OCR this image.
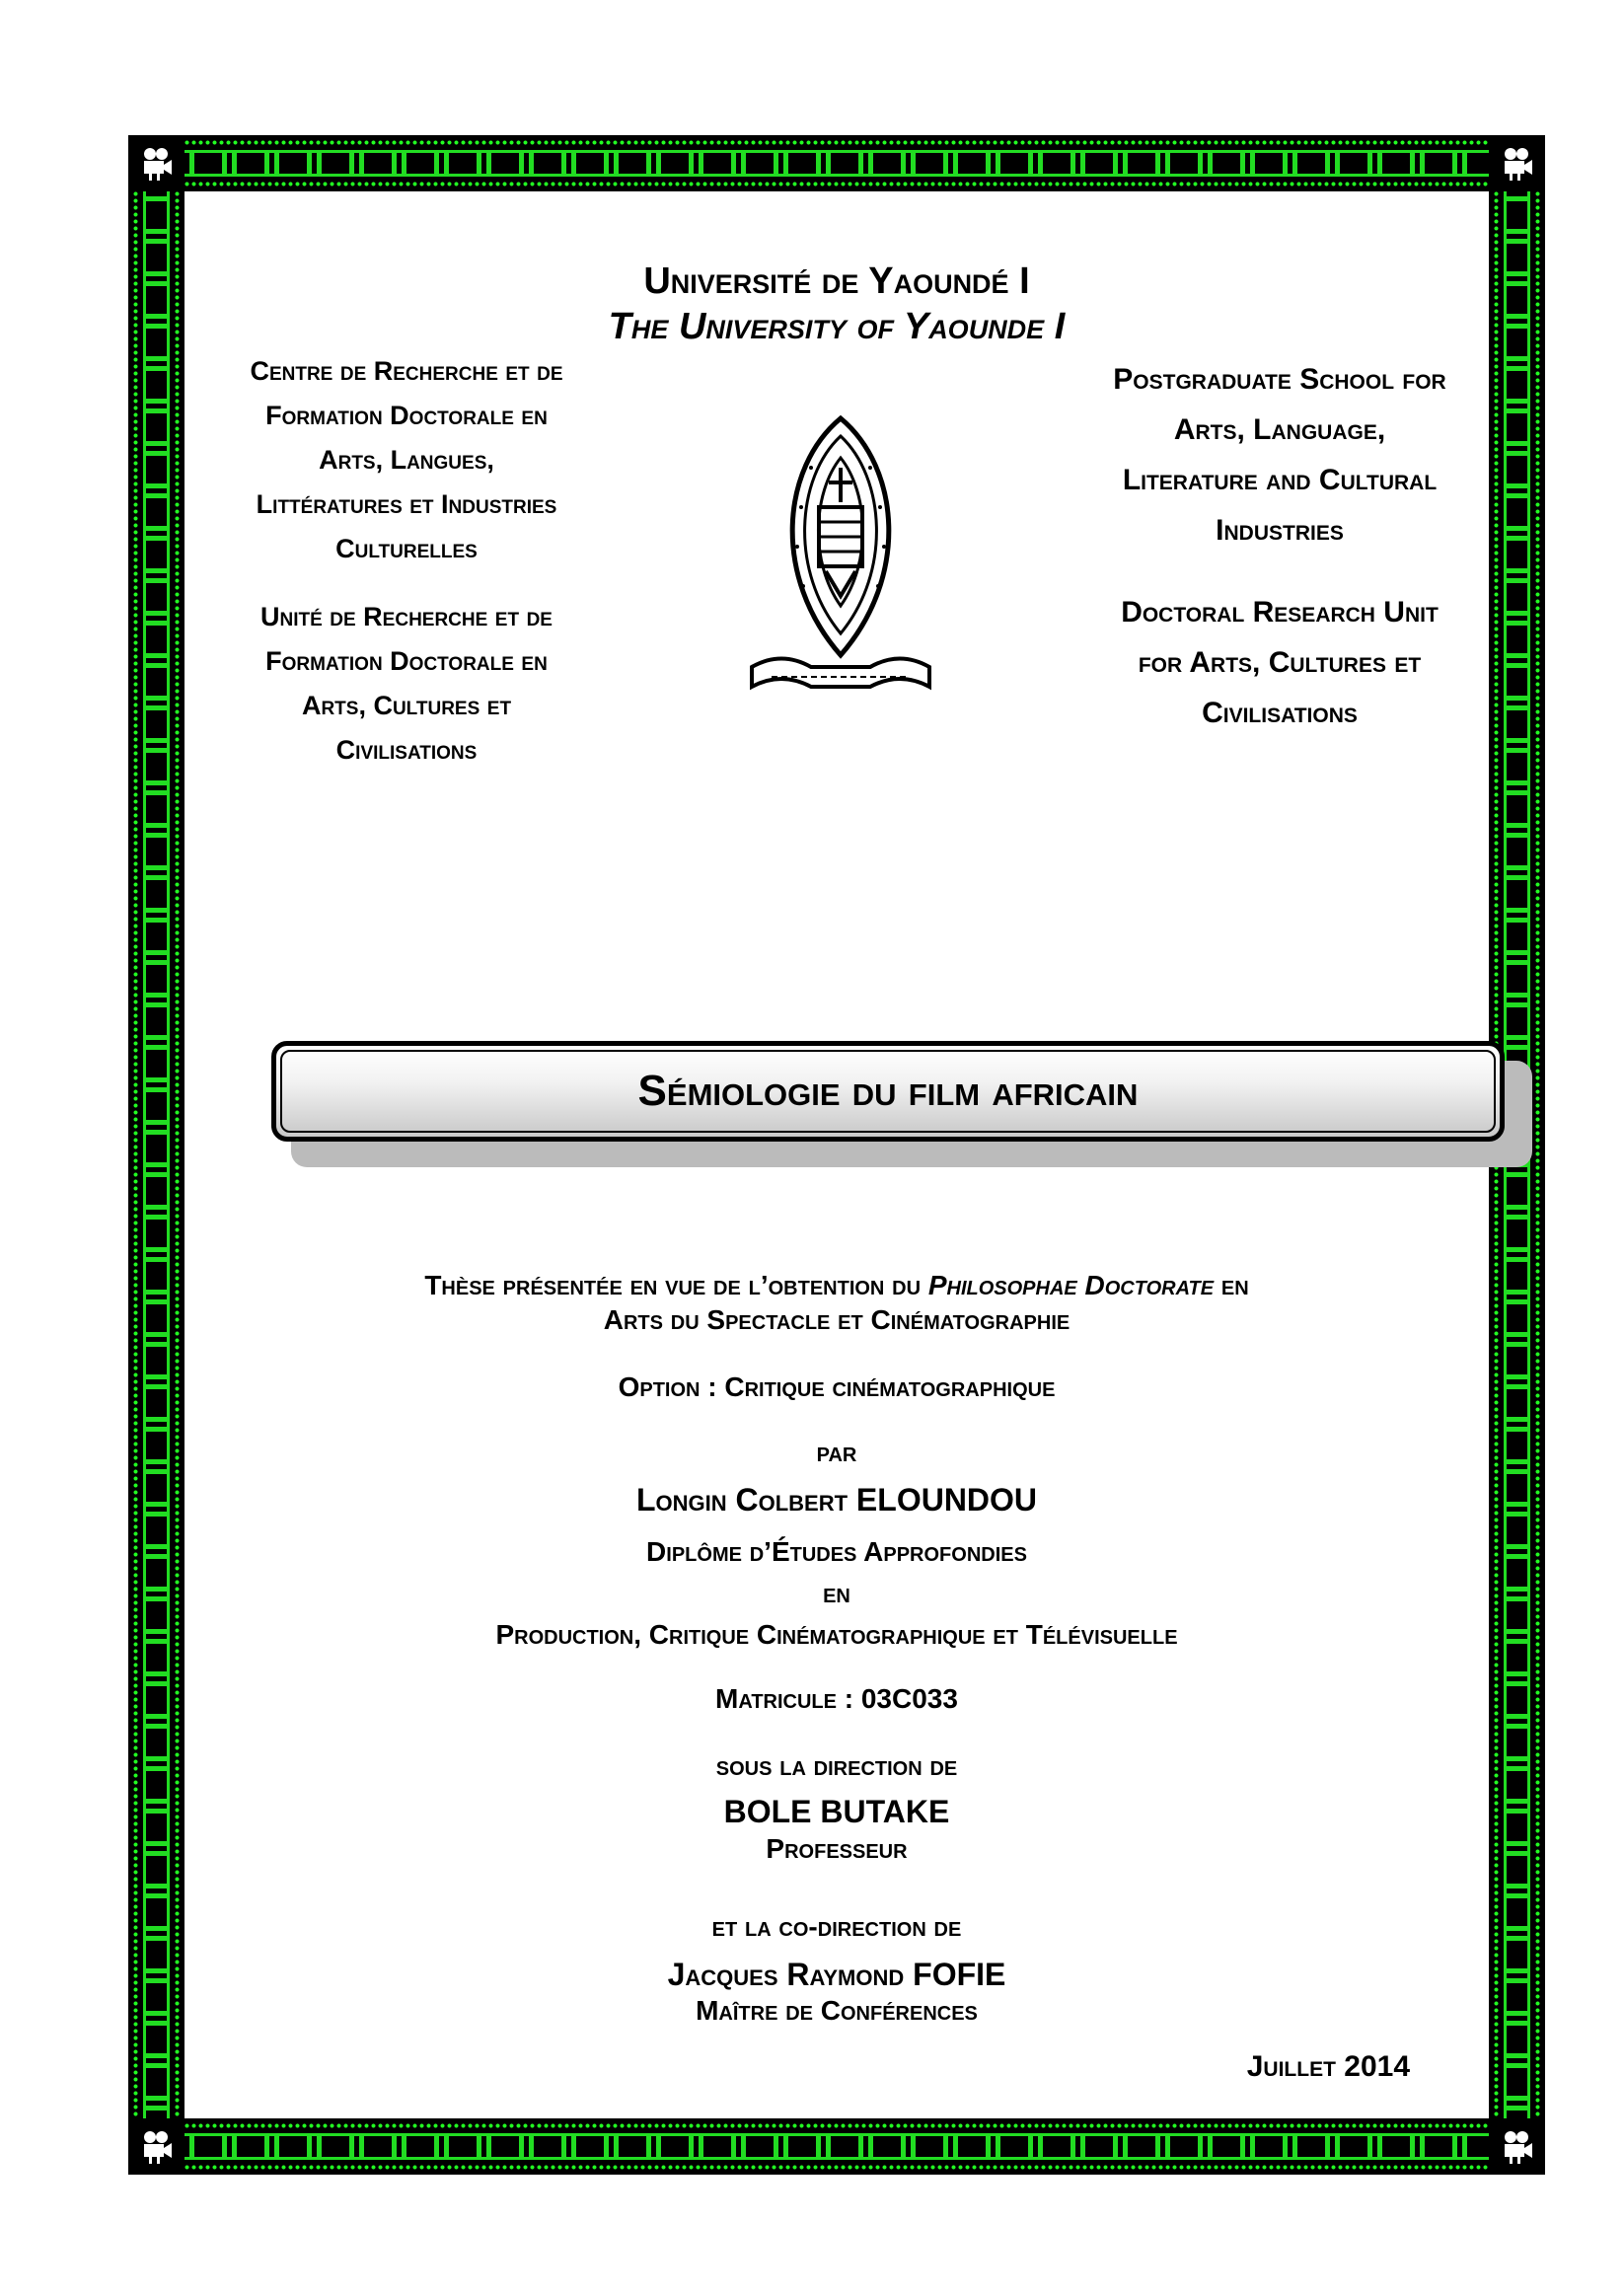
Université de Yaoundé I
The University of Yaounde I

Centre de Recherche et de

Formation Doctorale en

Arts, Langues,

Littératures et Industries

Culturelles

Unité de Recherche et de

Formation Doctorale en

Arts, Cultures et

Civilisations

Postgraduate School for

Arts, Language,

Literature and Cultural

Industries

Doctoral Research Unit

for Arts, Cultures et

Civilisations

Sémiologie du film africain
Thèse présentée en vue de l’obtention du Philosophae Doctorate en
Arts du Spectacle et Cinématographie
Option : Critique cinématographique
par
Longin Colbert ELOUNDOU
Diplôme d’Études Approfondies
en
Production, Critique Cinématographique et Télévisuelle
Matricule : 03C033
sous la direction de
BOLE BUTAKE
Professeur
et la co-direction de
Jacques Raymond FOFIE
Maître de Conférences
Juillet 2014
